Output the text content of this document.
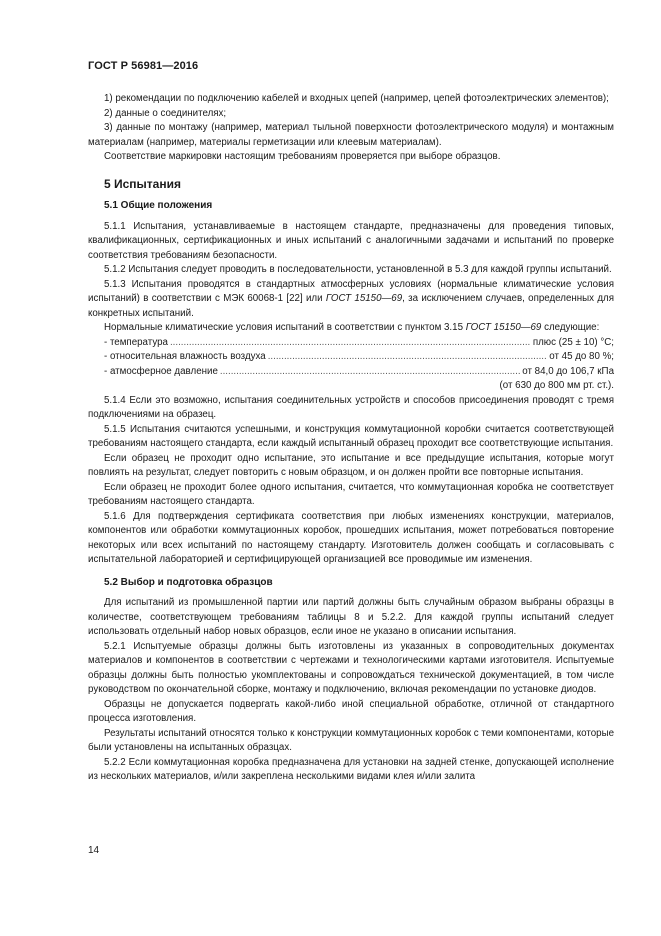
ГОСТ Р 56981—2016

1) рекомендации по подключению кабелей и входных цепей (например, цепей фотоэлектрических элементов);

2) данные о соединителях;

3) данные по монтажу (например, материал тыльной поверхности фотоэлектрического модуля) и монтажным материалам (например, материалы герметизации или клеевым материалам).

Соответствие маркировки настоящим требованиям проверяется при выборе образцов.

5 Испытания

5.1 Общие положения

5.1.1 Испытания, устанавливаемые в настоящем стандарте, предназначены для проведения типовых, квалификационных, сертификационных и иных испытаний с аналогичными задачами и испытаний по проверке соответствия требованиям безопасности.

5.1.2 Испытания следует проводить в последовательности, установленной в 5.3 для каждой группы испытаний.

5.1.3 Испытания проводятся в стандартных атмосферных условиях (нормальные климатические условия испытаний) в соответствии с МЭК 60068-1 [22] или ГОСТ 15150—69, за исключением случаев, определенных для конкретных испытаний.

Нормальные климатические условия испытаний в соответствии с пунктом 3.15 ГОСТ 15150—69 следующие:

- температура .....	плюс (25 ± 10) °С;
- относительная влажность воздуха .....	от 45 до 80 %;
- атмосферное давление .....	от 84,0 до 106,7 кПа

(от 630 до 800 мм рт. ст.).

5.1.4 Если это возможно, испытания соединительных устройств и способов присоединения проводят с тремя подключениями на образец.

5.1.5 Испытания считаются успешными, и конструкция коммутационной коробки считается соответствующей требованиям настоящего стандарта, если каждый испытанный образец проходит все соответствующие испытания.

Если образец не проходит одно испытание, это испытание и все предыдущие испытания, которые могут повлиять на результат, следует повторить с новым образцом, и он должен пройти все повторные испытания.

Если образец не проходит более одного испытания, считается, что коммутационная коробка не соответствует требованиям настоящего стандарта.

5.1.6 Для подтверждения сертификата соответствия при любых изменениях конструкции, материалов, компонентов или обработки коммутационных коробок, прошедших испытания, может потребоваться повторение некоторых или всех испытаний по настоящему стандарту. Изготовитель должен сообщать и согласовывать с испытательной лабораторией и сертифицирующей организацией все проводимые им изменения.

5.2 Выбор и подготовка образцов

Для испытаний из промышленной партии или партий должны быть случайным образом выбраны образцы в количестве, соответствующем требованиям таблицы 8 и 5.2.2. Для каждой группы испытаний следует использовать отдельный набор новых образцов, если иное не указано в описании испытания.

5.2.1 Испытуемые образцы должны быть изготовлены из указанных в сопроводительных документах материалов и компонентов в соответствии с чертежами и технологическими картами изготовителя. Испытуемые образцы должны быть полностью укомплектованы и сопровождаться технической документацией, в том числе руководством по окончательной сборке, монтажу и подключению, включая рекомендации по установке диодов.

Образцы не допускается подвергать какой-либо иной специальной обработке, отличной от стандартного процесса изготовления.

Результаты испытаний относятся только к конструкции коммутационных коробок с теми компонентами, которые были установлены на испытанных образцах.

5.2.2 Если коммутационная коробка предназначена для установки на задней стенке, допускающей исполнение из нескольких материалов, и/или закреплена несколькими видами клея и/или залита

14
